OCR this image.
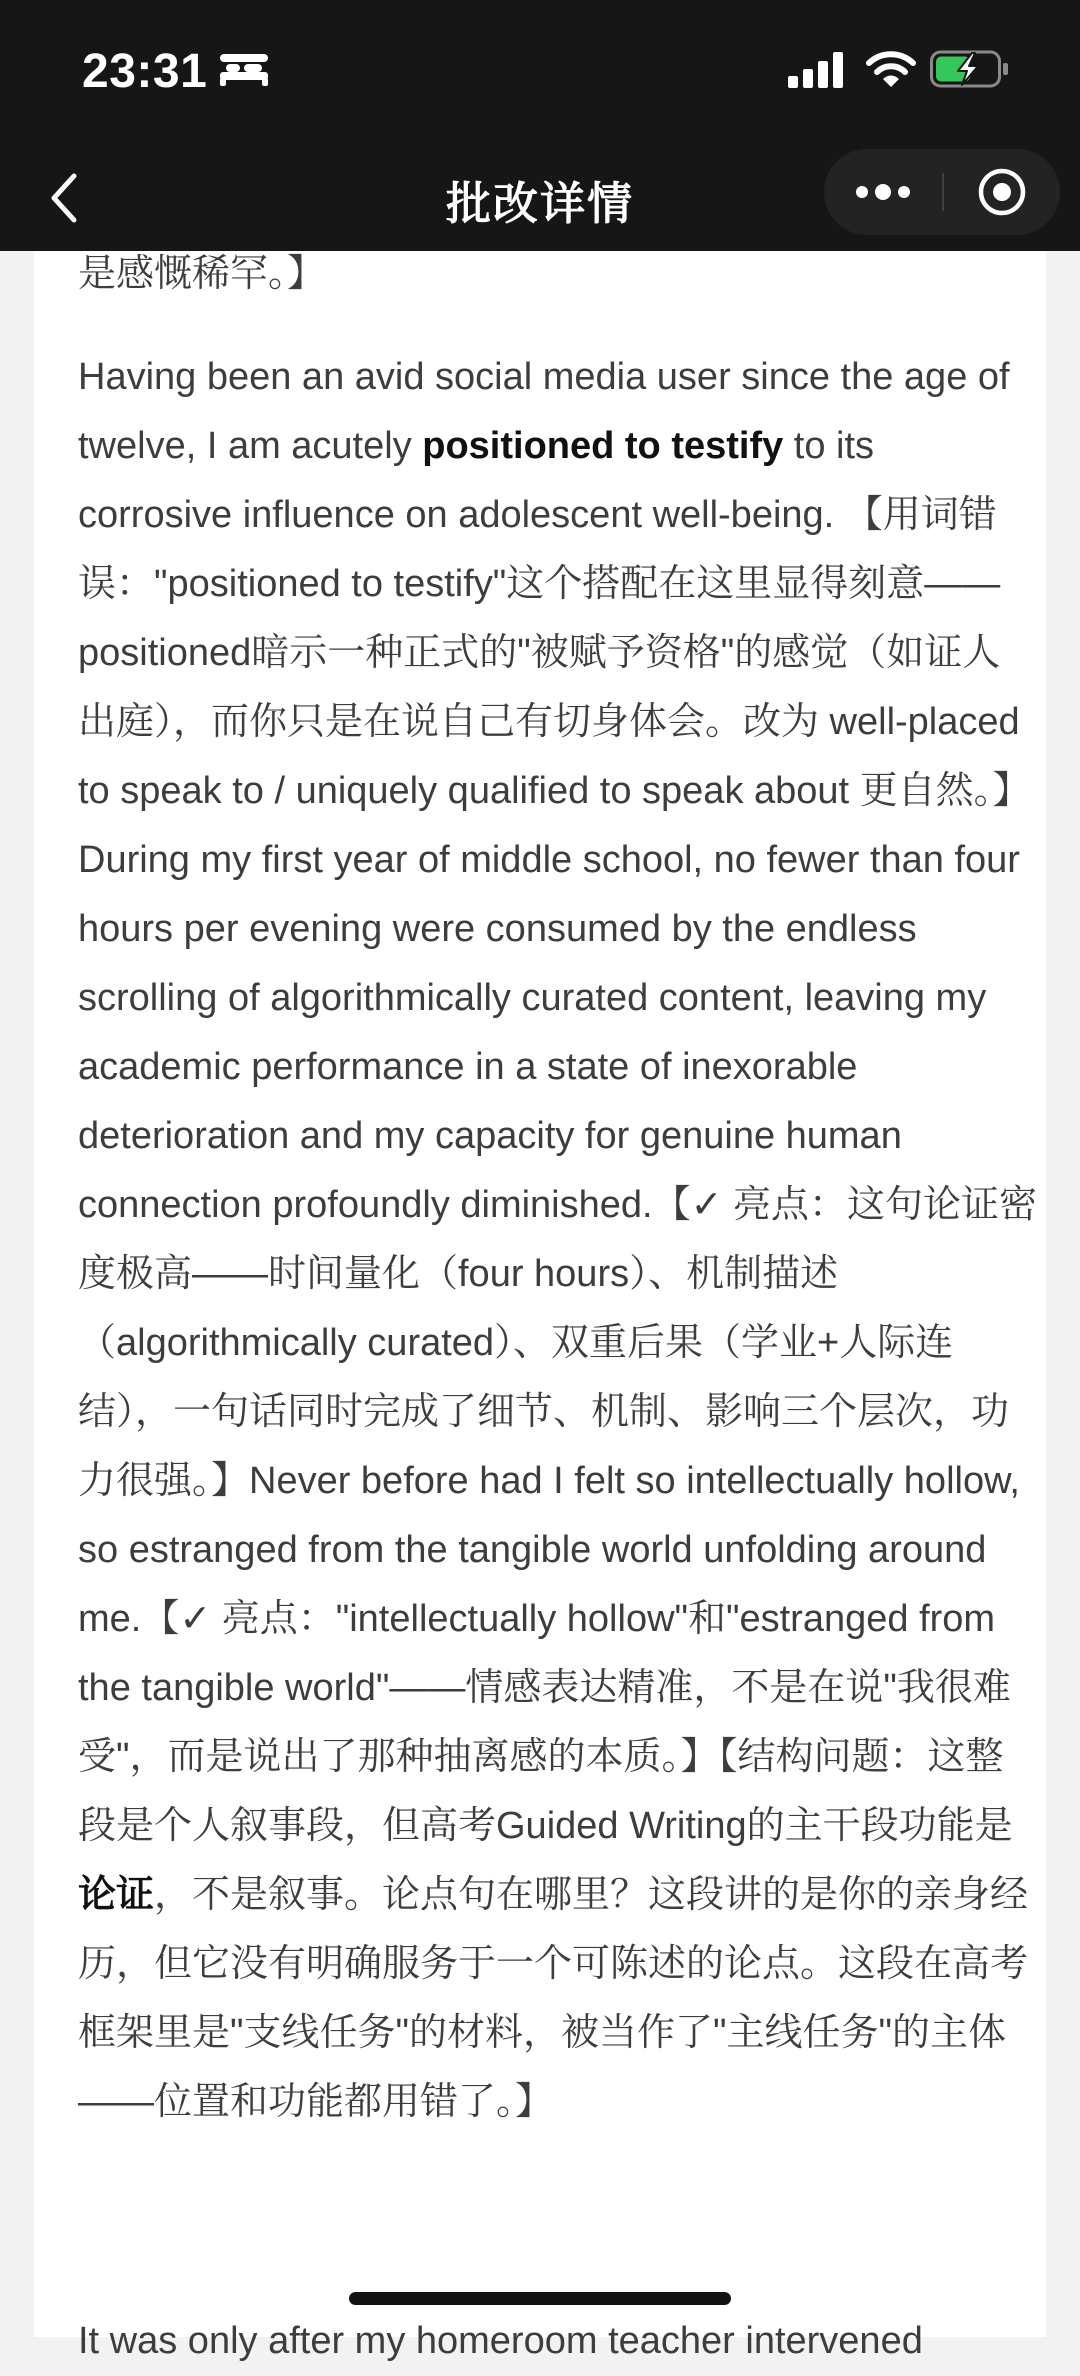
23:31
批改详情

是感慨稀罕。】

Having been an avid social media user since the age of twelve, I am acutely positioned to testify to its corrosive influence on adolescent well-being. 【用词错误："positioned to testify"这个搭配在这里显得刻意——positioned暗示一种正式的"被赋予资格"的感觉（如证人出庭），而你只是在说自己有切身体会。改为 well-placed to speak to / uniquely qualified to speak about 更自然。】During my first year of middle school, no fewer than four hours per evening were consumed by the endless scrolling of algorithmically curated content, leaving my academic performance in a state of inexorable deterioration and my capacity for genuine human connection profoundly diminished.【✓ 亮点：这句论证密度极高——时间量化（four hours）、机制描述（algorithmically curated）、双重后果（学业+人际连结），一句话同时完成了细节、机制、影响三个层次，功力很强。】Never before had I felt so intellectually hollow, so estranged from the tangible world unfolding around me.【✓ 亮点："intellectually hollow"和"estranged from the tangible world"——情感表达精准，不是在说"我很难受"，而是说出了那种抽离感的本质。】【结构问题：这整段是个人叙事段，但高考Guided Writing的主干段功能是论证，不是叙事。论点句在哪里？这段讲的是你的亲身经历，但它没有明确服务于一个可陈述的论点。这段在高考框架里是"支线任务"的材料，被当作了"主线任务"的主体——位置和功能都用错了。】

It was only after my homeroom teacher intervened
